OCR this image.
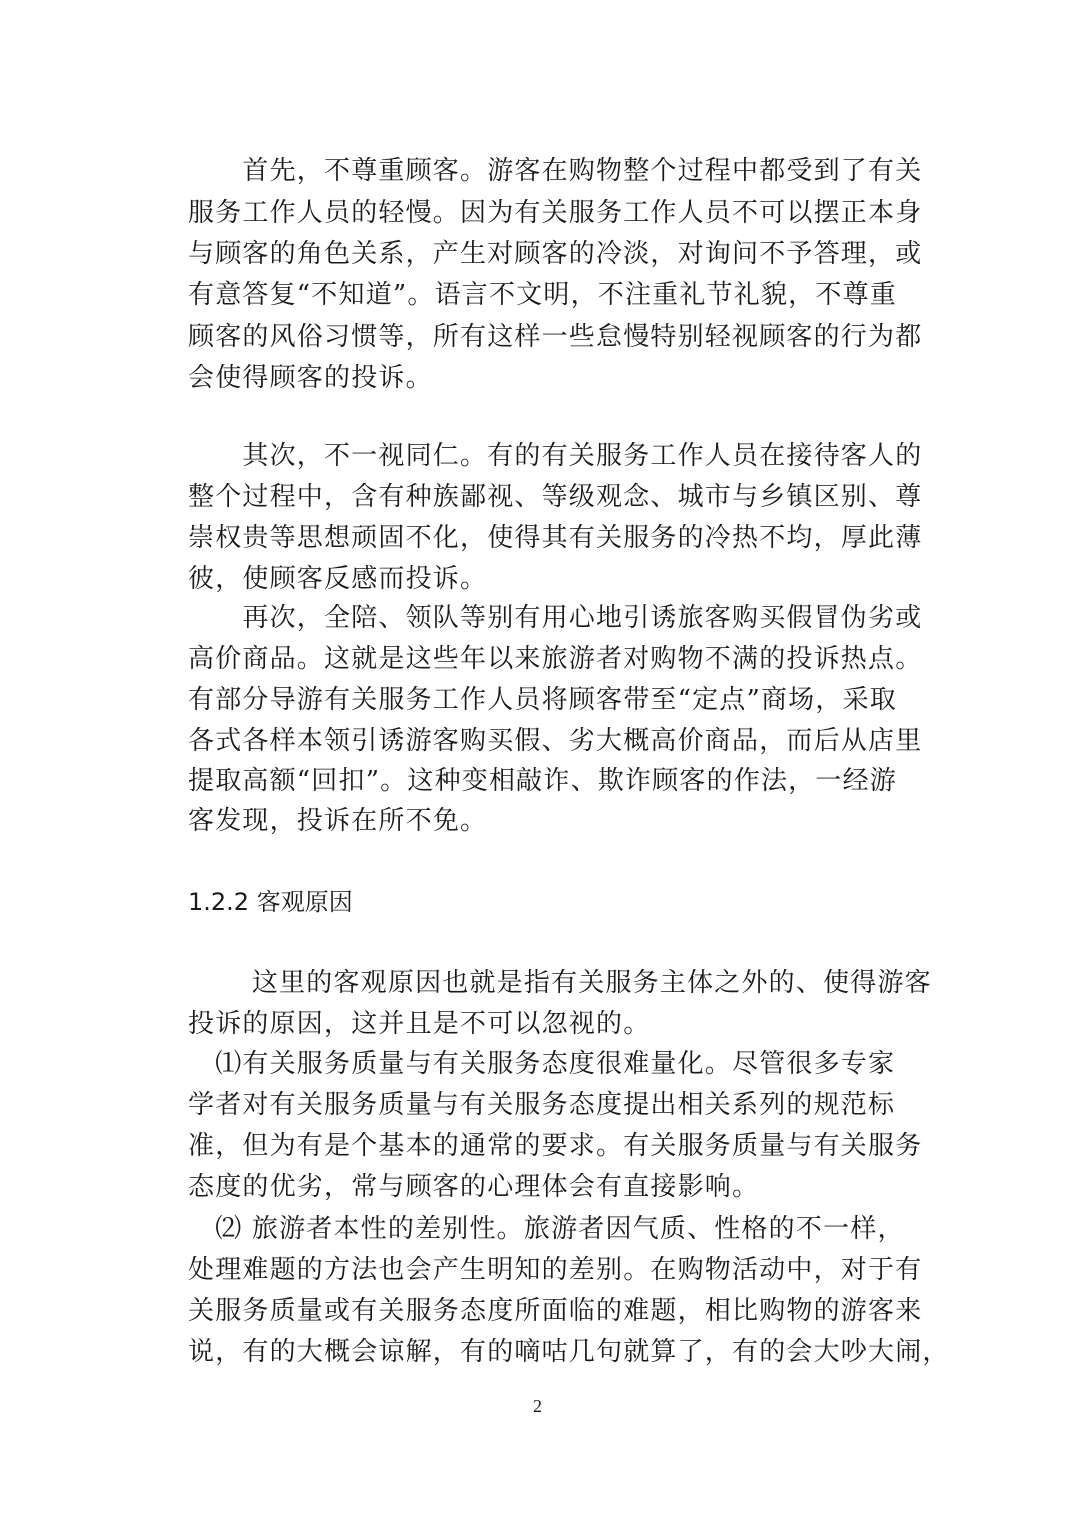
　　首先，不尊重顾客。游客在购物整个过程中都受到了有关
服务工作人员的轻慢。因为有关服务工作人员不可以摆正本身
与顾客的角色关系，产生对顾客的冷淡，对询问不予答理，或
有意答复“不知道”。语言不文明，不注重礼节礼貌，不尊重
顾客的风俗习惯等，所有这样一些怠慢特别轻视顾客的行为都
会使得顾客的投诉。
　　其次，不一视同仁。有的有关服务工作人员在接待客人的
整个过程中，含有种族鄙视、等级观念、城市与乡镇区别、尊
崇权贵等思想顽固不化，使得其有关服务的冷热不均，厚此薄
彼，使顾客反感而投诉。
　　再次，全陪、领队等别有用心地引诱旅客购买假冒伪劣或
高价商品。这就是这些年以来旅游者对购物不满的投诉热点。
有部分导游有关服务工作人员将顾客带至“定点”商场，采取
各式各样本领引诱游客购买假、劣大概高价商品，而后从店里
提取高额“回扣”。这种变相敲诈、欺诈顾客的作法，一经游
客发现，投诉在所不免。
1.2.2 客观原因
　　 这里的客观原因也就是指有关服务主体之外的、使得游客
投诉的原因，这并且是不可以忽视的。
　⑴有关服务质量与有关服务态度很难量化。尽管很多专家
学者对有关服务质量与有关服务态度提出相关系列的规范标
准，但为有是个基本的通常的要求。有关服务质量与有关服务
态度的优劣，常与顾客的心理体会有直接影响。
　⑵ 旅游者本性的差别性。旅游者因气质、性格的不一样，
处理难题的方法也会产生明知的差别。在购物活动中，对于有
关服务质量或有关服务态度所面临的难题，相比购物的游客来
说，有的大概会谅解，有的嘀咕几句就算了，有的会大吵大闹，
2
